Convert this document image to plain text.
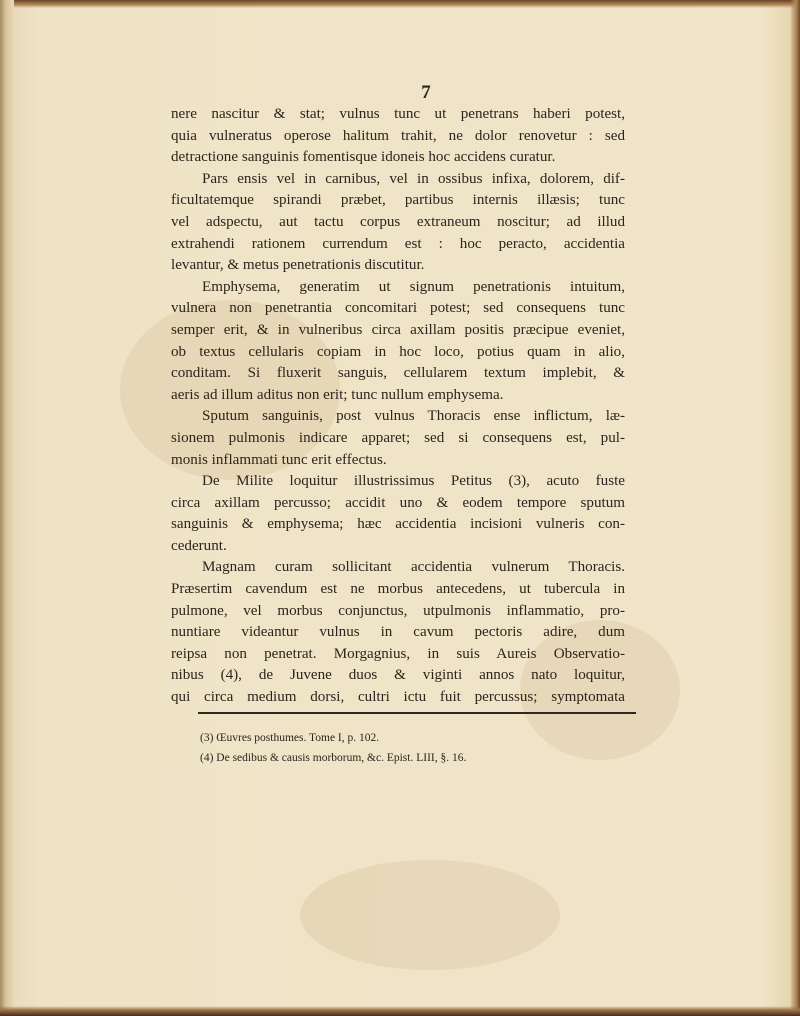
7
nere nascitur & stat; vulnus tunc ut penetrans haberi potest,
quia vulneratus operose halitum trahit, ne dolor renovetur : sed
detractione sanguinis fomentisque idoneis hoc accidens curatur.
Pars ensis vel in carnibus, vel in ossibus infixa, dolorem, dif-
ficultatemque spirandi præbet, partibus internis illæsis; tunc
vel adspectu, aut tactu corpus extraneum noscitur; ad illud
extrahendi rationem currendum est : hoc peracto, accidentia
levantur, & metus penetrationis discutitur.
Emphysema, generatim ut signum penetrationis intuitum,
vulnera non penetrantia concomitari potest; sed consequens tunc
semper erit, & in vulneribus circa axillam positis præcipue eveniet,
ob textus cellularis copiam in hoc loco, potius quam in alio,
conditam. Si fluxerit sanguis, cellularem textum implebit, &
aeris ad illum aditus non erit; tunc nullum emphysema.
Sputum sanguinis, post vulnus Thoracis ense inflictum, læ-
sionem pulmonis indicare apparet; sed si consequens est, pul-
monis inflammati tunc erit effectus.
De Milite loquitur illustrissimus Petitus (3), acuto fuste
circa axillam percusso; accidit uno & eodem tempore sputum
sanguinis & emphysema; hæc accidentia incisioni vulneris con-
cederunt.
Magnam curam sollicitant accidentia vulnerum Thoracis.
Præsertim cavendum est ne morbus antecedens, ut tubercula in
pulmone, vel morbus conjunctus, utpulmonis inflammatio, pro-
nuntiare videantur vulnus in cavum pectoris adire, dum
reipsa non penetrat. Morgagnius, in suis Aureis Observatio-
nibus (4), de Juvene duos & viginti annos nato loquitur,
qui circa medium dorsi, cultri ictu fuit percussus; symptomata
(3) Œuvres posthumes. Tome I, p. 102.
(4) De sedibus & causis morborum, &c. Epist. LIII, §. 16.
